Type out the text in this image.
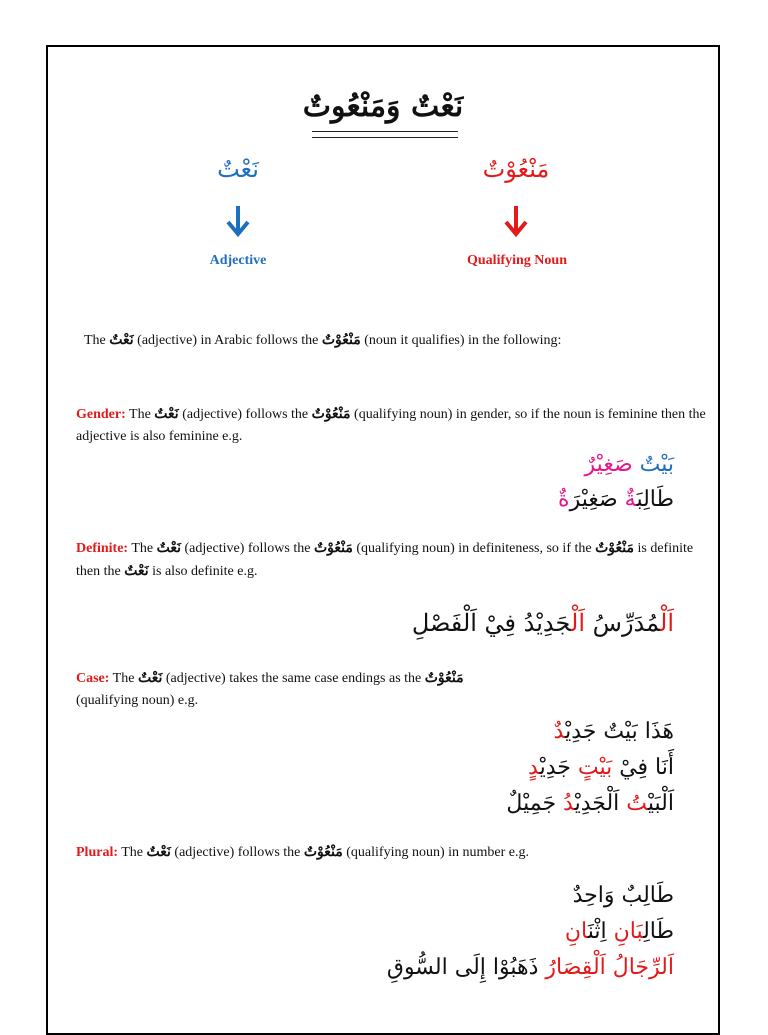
نَعْتٌ وَمَنْعُوتٌ
مَنْعُوْتٌ
Qualifying Noun
نَعْتٌ
Adjective
The نَعْتٌ (adjective) in Arabic follows the مَنْعُوْتٌ (noun it qualifies) in the following:
Gender: The نَعْتٌ (adjective) follows the مَنْعُوْتٌ (qualifying noun) in gender, so if the noun is feminine then the adjective is also feminine e.g.
بَيْتٌ صَغِيْرٌ
طَالِبَةٌ صَغِيْرَةٌ
Definite: The نَعْتٌ (adjective) follows the مَنْعُوْتٌ (qualifying noun) in definiteness, so if the مَنْعُوْتٌ is definite then the نَعْتٌ is also definite e.g.
اَلْمُدَرِّسُ اَلْجَدِيْدُ فِيْ اَلْفَصْلِ
Case: The نَعْتٌ (adjective) takes the same case endings as the مَنْعُوْتٌ
(qualifying noun) e.g.
هَذَا بَيْتٌ جَدِيْدٌ
أَنَا فِيْ بَيْتٍ جَدِيْدٍ
اَلْبَيْتُ اَلْجَدِيْدُ جَمِيْلٌ
Plural: The نَعْتٌ (adjective) follows the مَنْعُوْتٌ (qualifying noun) in number e.g.
طَالِبٌ وَاحِدٌ
طَالِبَانِ اِثْنَانِ
اَلرِّجَالُ اَلْقِصَارُ ذَهَبُوْا إِلَى السُّوقِ
